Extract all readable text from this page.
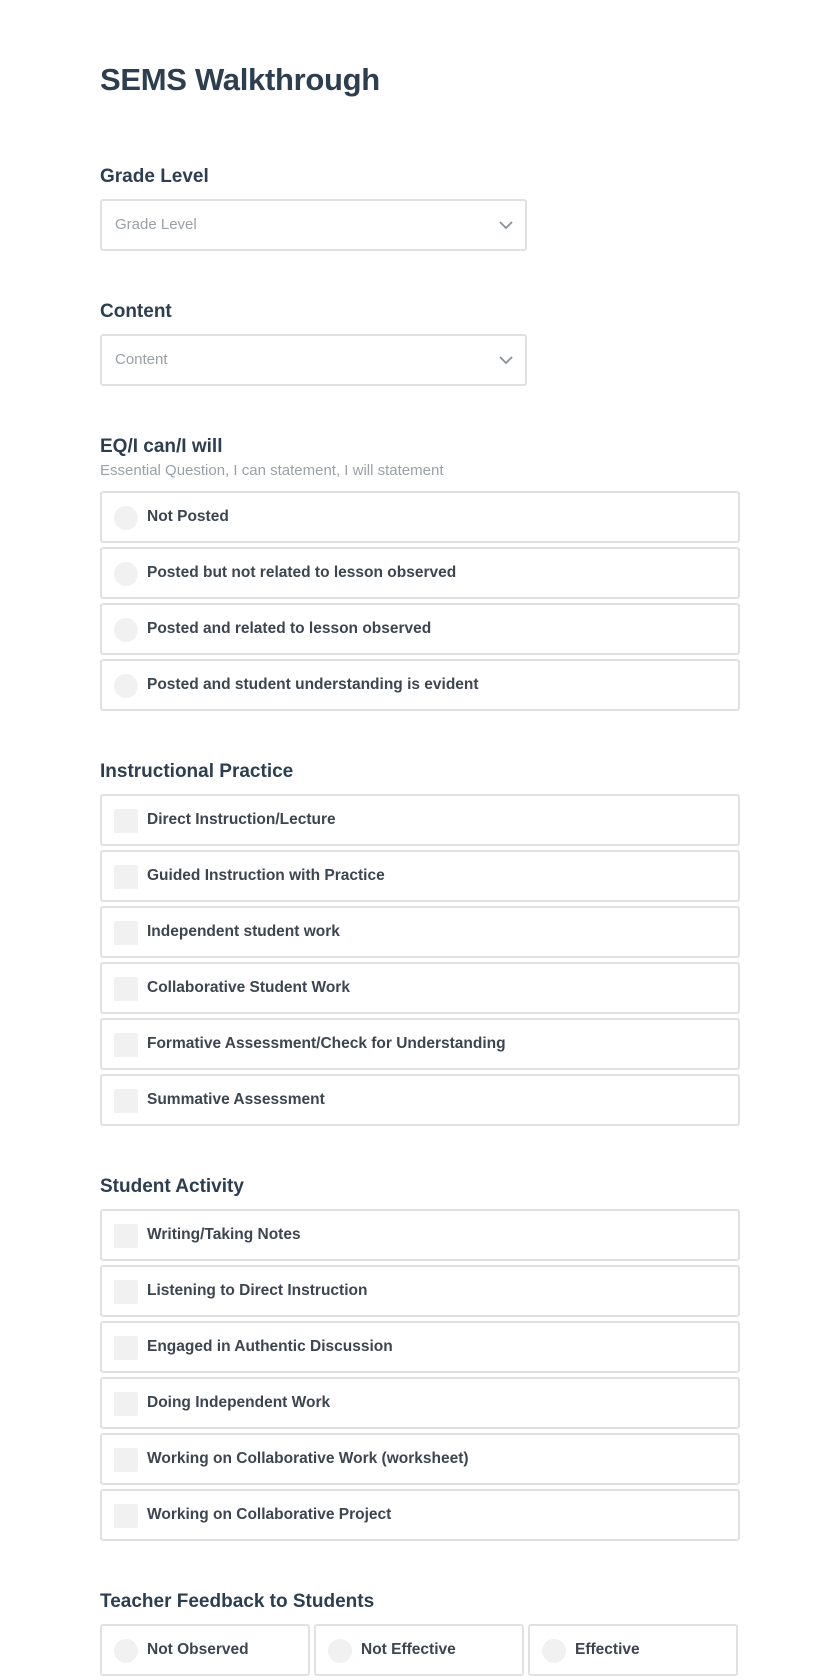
SEMS Walkthrough
Grade Level
Grade Level
Content
Content
EQ/I can/I will
Essential Question, I can statement, I will statement
Not Posted
Posted but not related to lesson observed
Posted and related to lesson observed
Posted and student understanding is evident
Instructional Practice
Direct Instruction/Lecture
Guided Instruction with Practice
Independent student work
Collaborative Student Work
Formative Assessment/Check for Understanding
Summative Assessment
Student Activity
Writing/Taking Notes
Listening to Direct Instruction
Engaged in Authentic Discussion
Doing Independent Work
Working on Collaborative Work (worksheet)
Working on Collaborative Project
Teacher Feedback to Students
Not Observed	Not Effective	Effective
